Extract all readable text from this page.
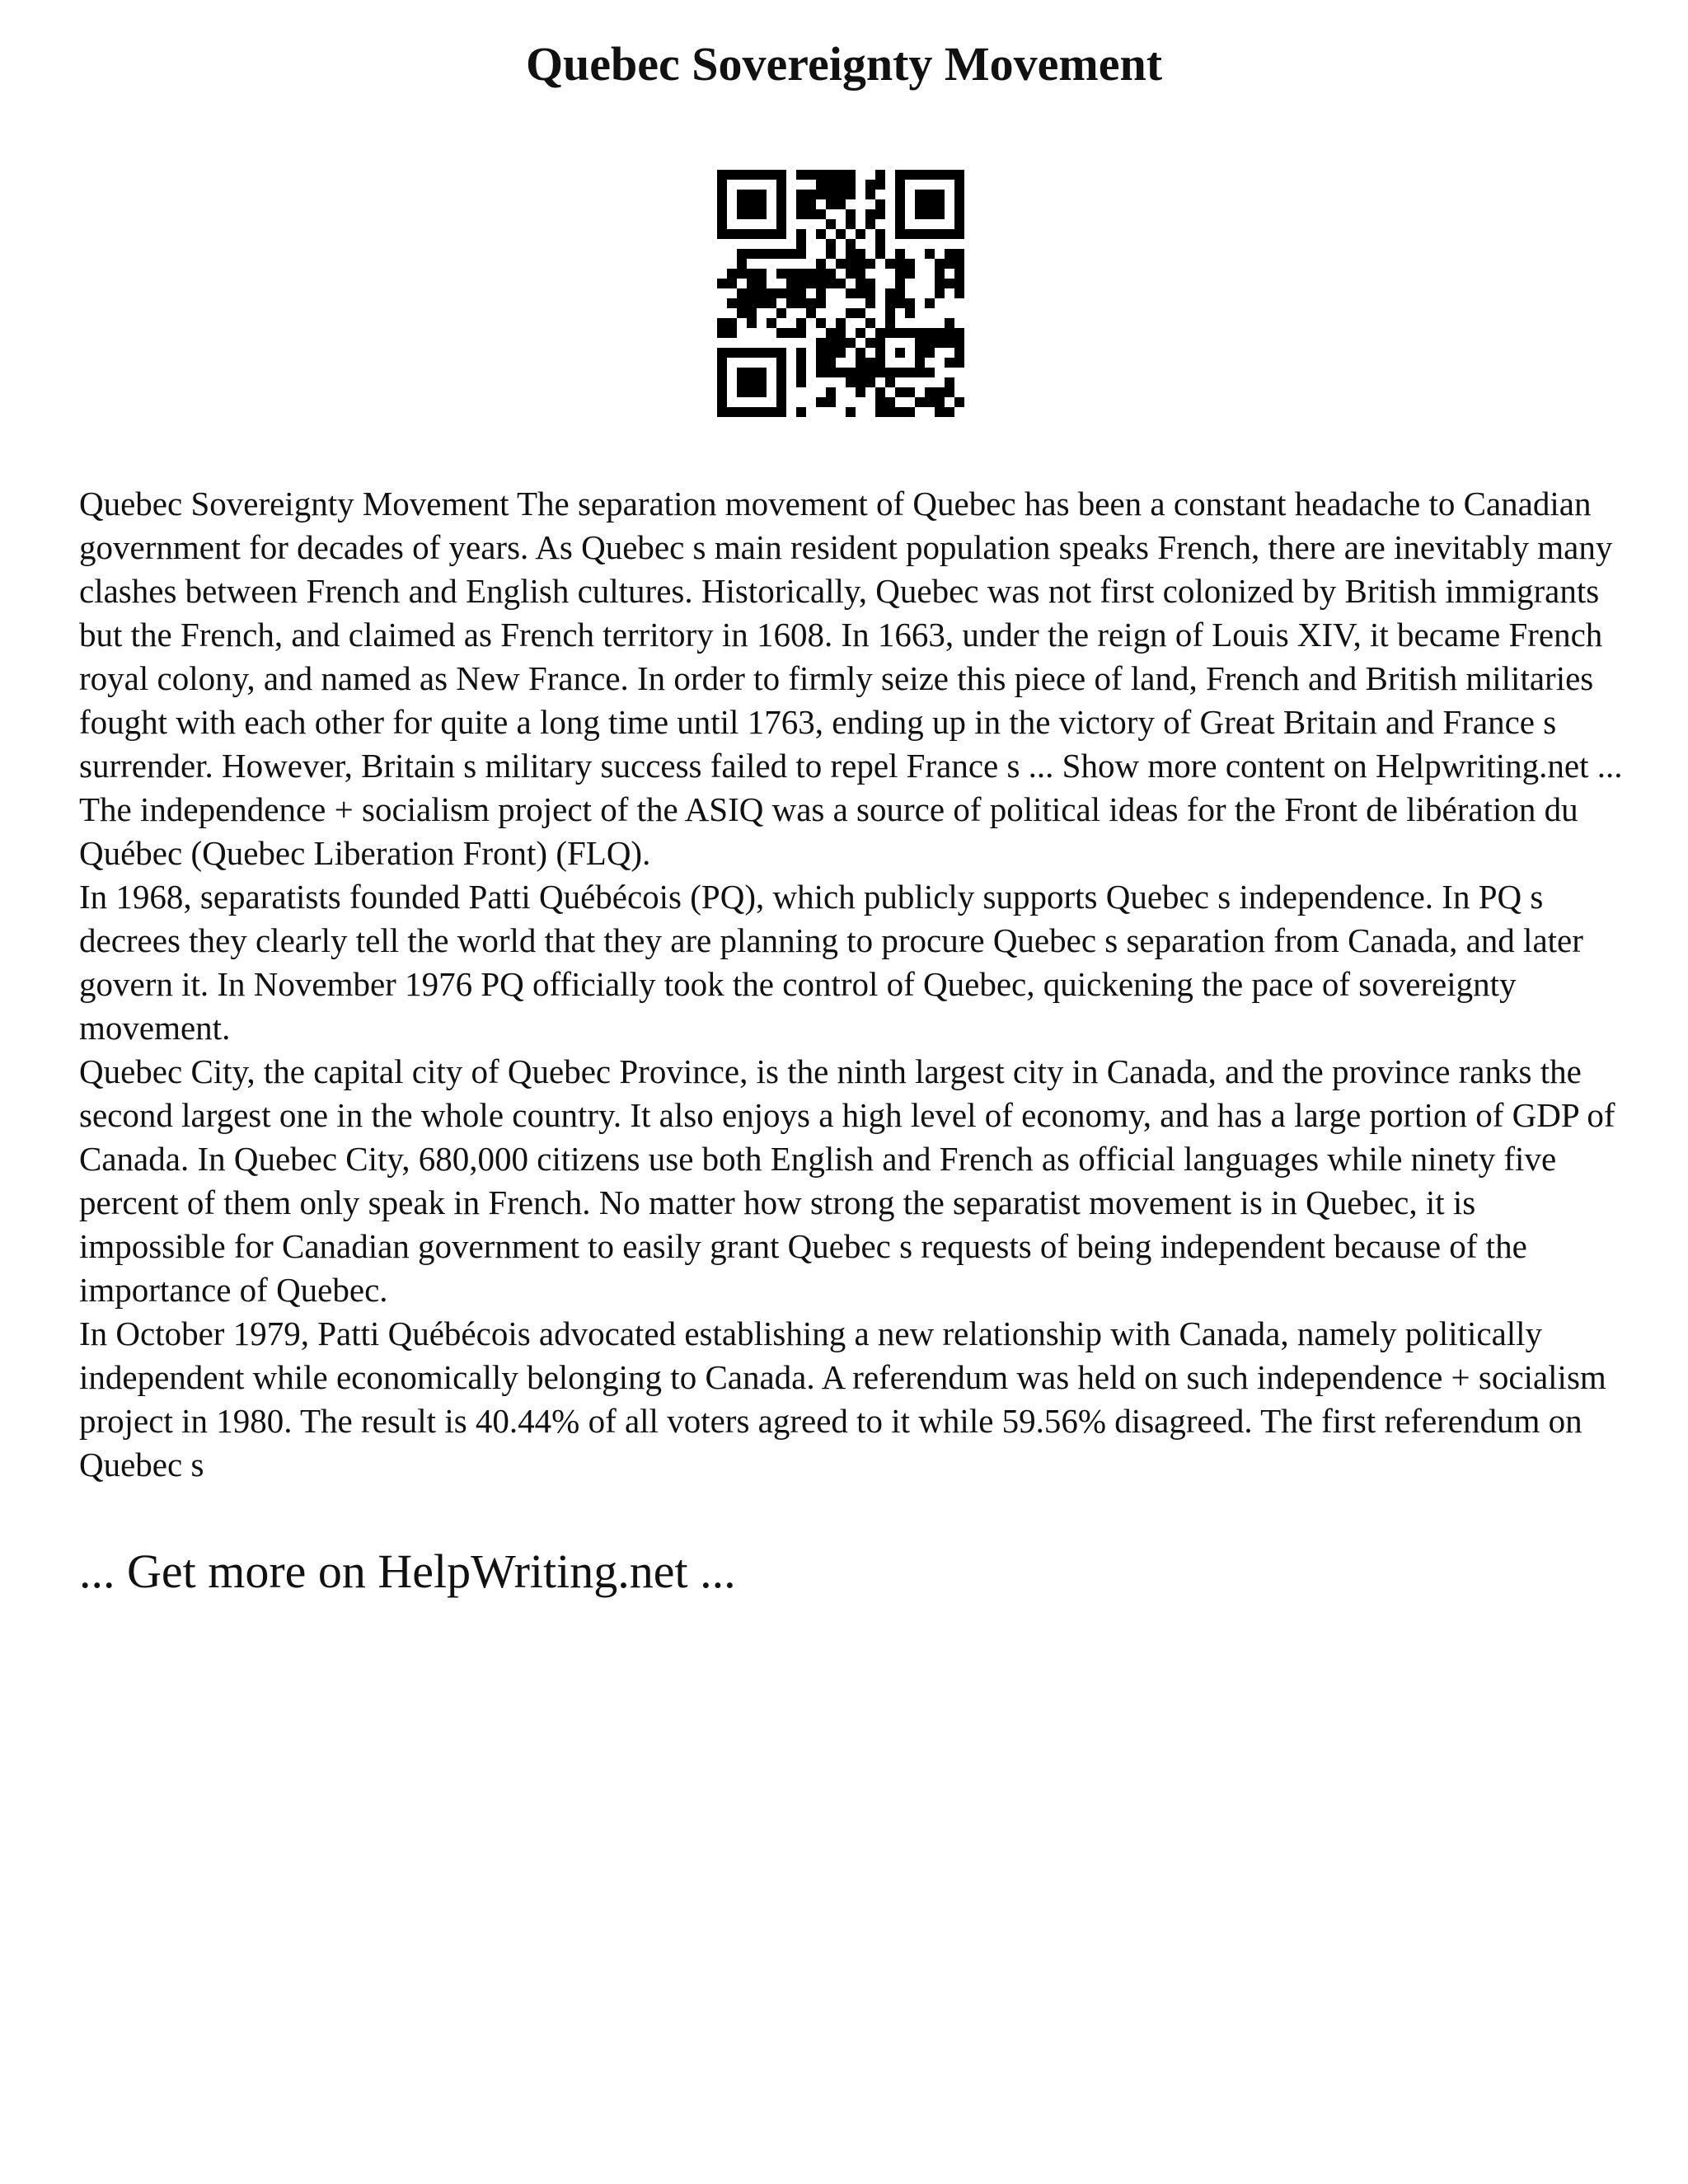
Quebec Sovereignty Movement

Quebec Sovereignty Movement The separation movement of Quebec has been a constant headache to Canadian government for decades of years. As Quebec s main resident population speaks French, there are inevitably many clashes between French and English cultures. Historically, Quebec was not first colonized by British immigrants but the French, and claimed as French territory in 1608. In 1663, under the reign of Louis XIV, it became French royal colony, and named as New France. In order to firmly seize this piece of land, French and British militaries fought with each other for quite a long time until 1763, ending up in the victory of Great Britain and France s surrender. However, Britain s military success failed to repel France s ... Show more content on Helpwriting.net ...

The independence + socialism project of the ASIQ was a source of political ideas for the Front de libération du Québec (Quebec Liberation Front) (FLQ).

In 1968, separatists founded Patti Québécois (PQ), which publicly supports Quebec s independence. In PQ s decrees they clearly tell the world that they are planning to procure Quebec s separation from Canada, and later govern it. In November 1976 PQ officially took the control of Quebec, quickening the pace of sovereignty movement.

Quebec City, the capital city of Quebec Province, is the ninth largest city in Canada, and the province ranks the second largest one in the whole country. It also enjoys a high level of economy, and has a large portion of GDP of Canada. In Quebec City, 680,000 citizens use both English and French as official languages while ninety five percent of them only speak in French. No matter how strong the separatist movement is in Quebec, it is impossible for Canadian government to easily grant Quebec s requests of being independent because of the importance of Quebec.

In October 1979, Patti Québécois advocated establishing a new relationship with Canada, namely politically independent while economically belonging to Canada. A referendum was held on such independence + socialism project in 1980. The result is 40.44% of all voters agreed to it while 59.56% disagreed. The first referendum on Quebec s

... Get more on HelpWriting.net ...
